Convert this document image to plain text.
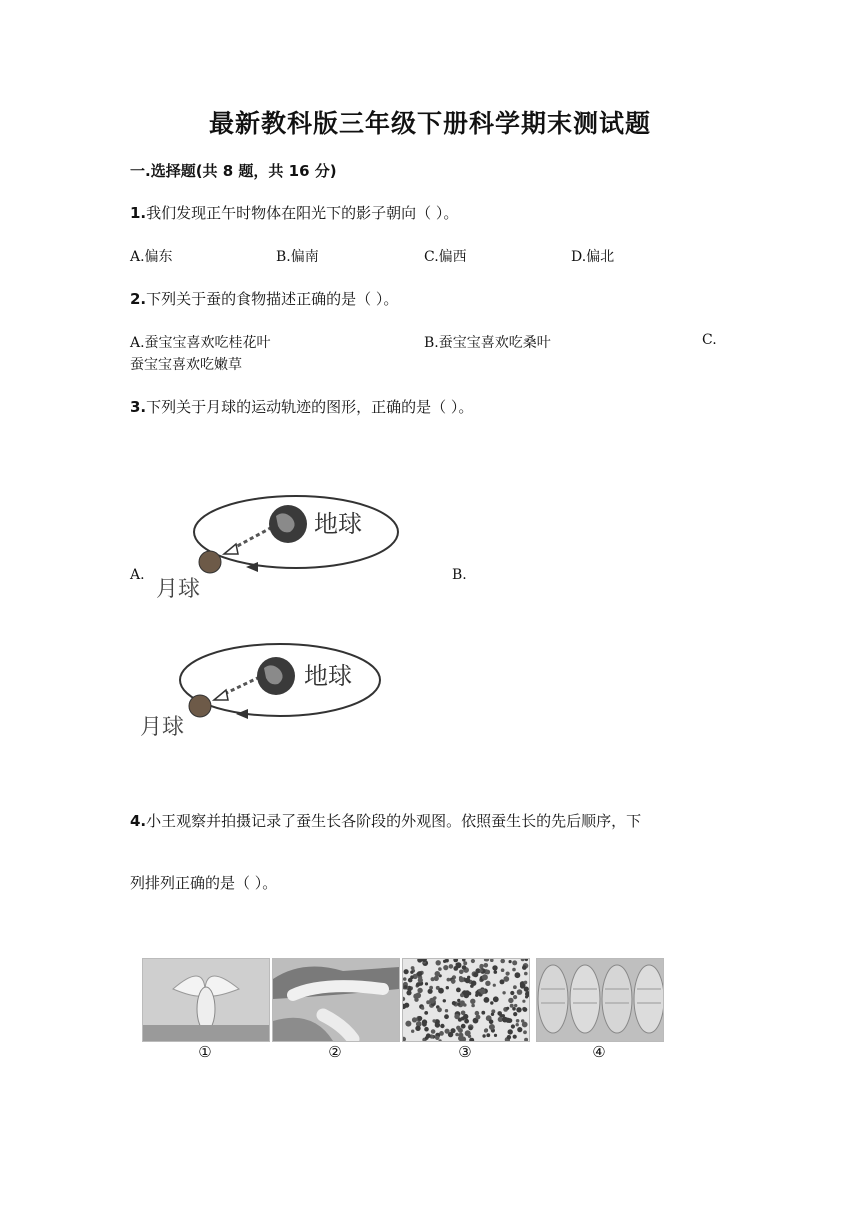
最新教科版三年级下册科学期末测试题
一.选择题(共 8 题，共 16 分)
1.我们发现正午时物体在阳光下的影子朝向（ ）。
A.偏东	B.偏南	C.偏西	D.偏北
2.下列关于蚕的食物描述正确的是（ ）。
A.蚕宝宝喜欢吃桂花叶	B.蚕宝宝喜欢吃桑叶	C.
蚕宝宝喜欢吃嫩草
3.下列关于月球的运动轨迹的图形，正确的是（ ）。
A.	B.
地球
月球
地球
月球
4.小王观察并拍摄记录了蚕生长各阶段的外观图。依照蚕生长的先后顺序，下
列排列正确的是（ ）。
①	②	③	④
